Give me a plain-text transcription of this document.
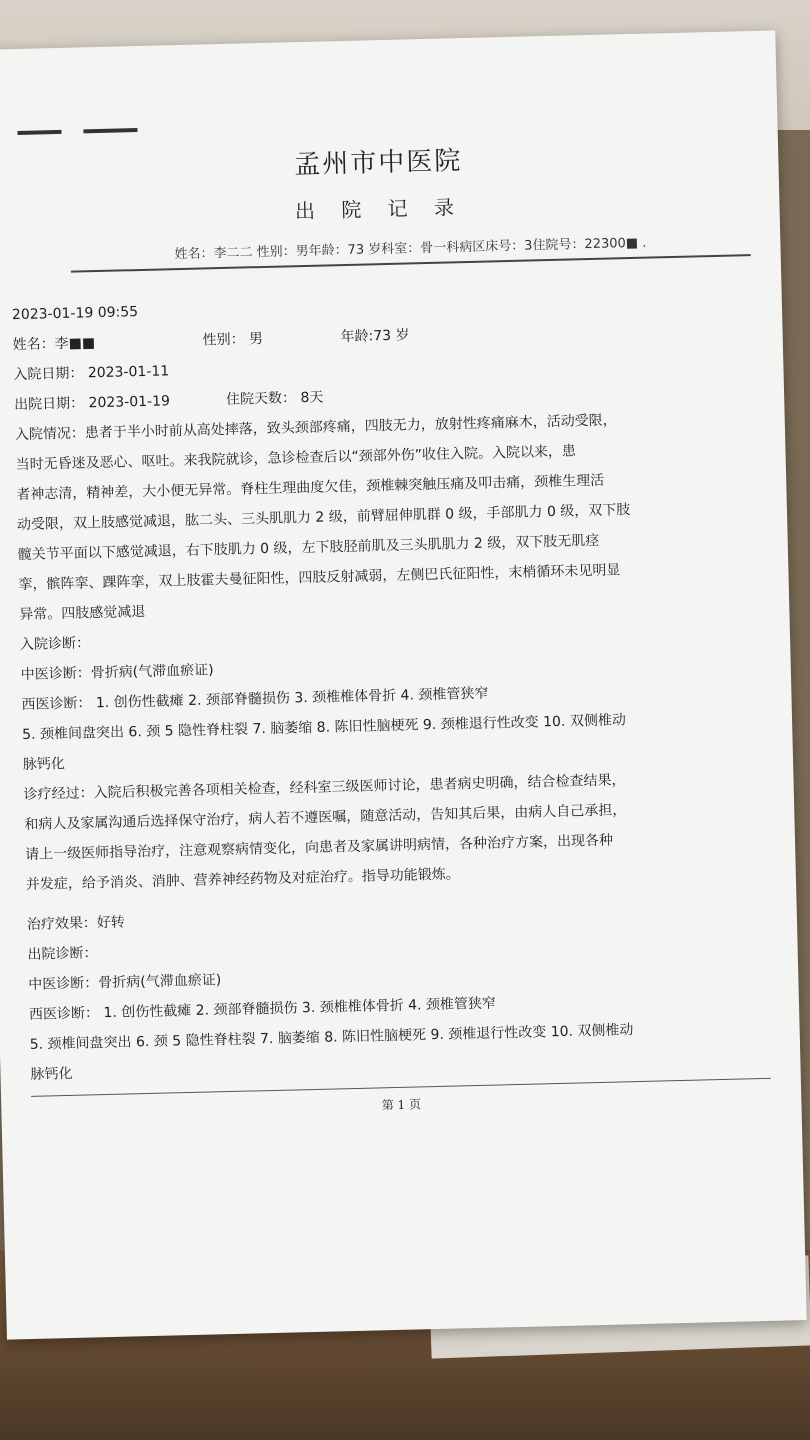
孟州市中医院
出 院 记 录
姓名：李二二 性别：男年龄：73 岁科室：骨一科病区床号：3住院号：22300■ .
2023-01-19 09:55
姓名：李■■	性别： 男	年龄:73 岁
入院日期： 2023-01-11
出院日期： 2023-01-19	住院天数： 8天
入院情况：患者于半小时前从高处摔落，致头颈部疼痛，四肢无力，放射性疼痛麻木，活动受限，
当时无昏迷及恶心、呕吐。来我院就诊，急诊检查后以“颈部外伤”收住入院。入院以来，患
者神志清，精神差，大小便无异常。脊柱生理曲度欠佳，颈椎棘突触压痛及叩击痛，颈椎生理活
动受限，双上肢感觉减退，肱二头、三头肌肌力 2 级，前臂屈伸肌群 0 级，手部肌力 0 级，双下肢
髋关节平面以下感觉减退，右下肢肌力 0 级，左下肢胫前肌及三头肌肌力 2 级，双下肢无肌痉
挛，髌阵挛、踝阵挛，双上肢霍夫曼征阳性，四肢反射减弱，左侧巴氏征阳性，末梢循环未见明显
异常。四肢感觉减退
入院诊断：
中医诊断：骨折病(气滞血瘀证)
西医诊断： 1. 创伤性截瘫 2. 颈部脊髓损伤 3. 颈椎椎体骨折 4. 颈椎管狭窄
5. 颈椎间盘突出 6. 颈 5 隐性脊柱裂 7. 脑萎缩 8. 陈旧性脑梗死 9. 颈椎退行性改变 10. 双侧椎动
脉钙化
诊疗经过：入院后积极完善各项相关检查，经科室三级医师讨论，患者病史明确，结合检查结果，
和病人及家属沟通后选择保守治疗，病人若不遵医嘱，随意活动，告知其后果，由病人自己承担，
请上一级医师指导治疗，注意观察病情变化，向患者及家属讲明病情，各种治疗方案，出现各种
并发症，给予消炎、消肿、营养神经药物及对症治疗。指导功能锻炼。
治疗效果：好转
出院诊断：
中医诊断：骨折病(气滞血瘀证)
西医诊断： 1. 创伤性截瘫 2. 颈部脊髓损伤 3. 颈椎椎体骨折 4. 颈椎管狭窄
5. 颈椎间盘突出 6. 颈 5 隐性脊柱裂 7. 脑萎缩 8. 陈旧性脑梗死 9. 颈椎退行性改变 10. 双侧椎动
脉钙化
第 1 页
